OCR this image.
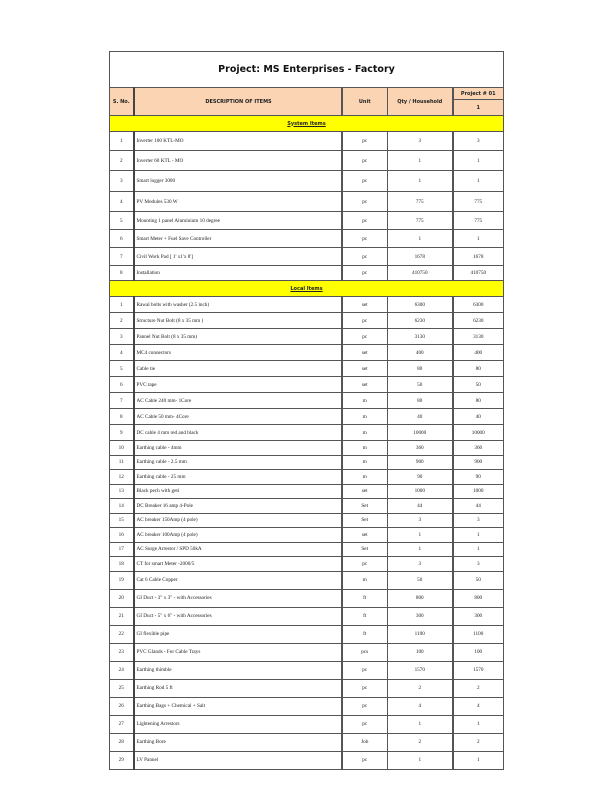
Project: MS Enterprises - Factory				
S. No.	DESCRIPTION OF ITEMS	Unit	Qty / Household	Project # 01
				1
System Items				
1	Inverter 100 KTL-MO	pc	3	3
2	Inverter 60 KTL - MO	pc	1	1
3	Smart logger 3000	pc	1	1
4	PV Modules 530 W	pc	775	775
5	Mounting 1 panel Aluminium 10 degree	pc	775	775
6	Smart Meter + Fuel Save Controller	pc	1	1
7	Civil Work Pad [ 1' x1'x 8']	pc	1678	1678
8	Installation	pc	410750	410750
Local Items				
1	Rawal bolts with washer (2.5 inch)	set	6300	6300
2	Structure Nut Bolt (8 x 35 mm )	pc	6230	6230
3	Pannel Nut Bolt (8 x 35 mm)	pc	3130	3130
4	MC4 connectors	set	400	400
5	Cable tie	set	80	80
6	PVC tape	set	50	50
7	AC Cable 240 mm- 1Core	m	80	80
8	AC Cable 50 mm- 4Core	m	40	40
9	DC cable 4 mm red and black	m	10000	10000
10	Earthing cable - 4mm	m	360	360
11	Earthing cable - 2.5 mm	m	900	900
12	Earthing cable - 25 mm	m	90	90
13	Black pech with geti	set	1000	1000
14	DC Breaker 16 amp 4-Pole	Set	44	44
15	AC breaker 150Amp (4 pole)	Set	3	3
16	AC breaker 100Amp (4 pole)	set	1	1
17	AC Surge Arrestor / SPD 50kA	Set	1	1
18	CT for smart Meter -2000/5	pc	3	3
19	Cat 6 Cable Copper	m	50	50
20	GI Duct - 3" x 3" - with Accessories	ft	800	800
21	GI Duct - 5" x 6" - with Accessories	ft	300	300
22	GI flexible pipe	ft	1100	1100
23	PVC Glands - For Cable Trays	pcs	100	100
24	Earthing thimble	pc	1570	1570
25	Earthing Rod 5 ft	pc	2	2
26	Earthing Bags + Chemical + Salt	pc	4	4
27	Lightening Arrestors	pc	1	1
28	Earthing Bore	Job	2	2
29	LV Pannel	pc	1	1
